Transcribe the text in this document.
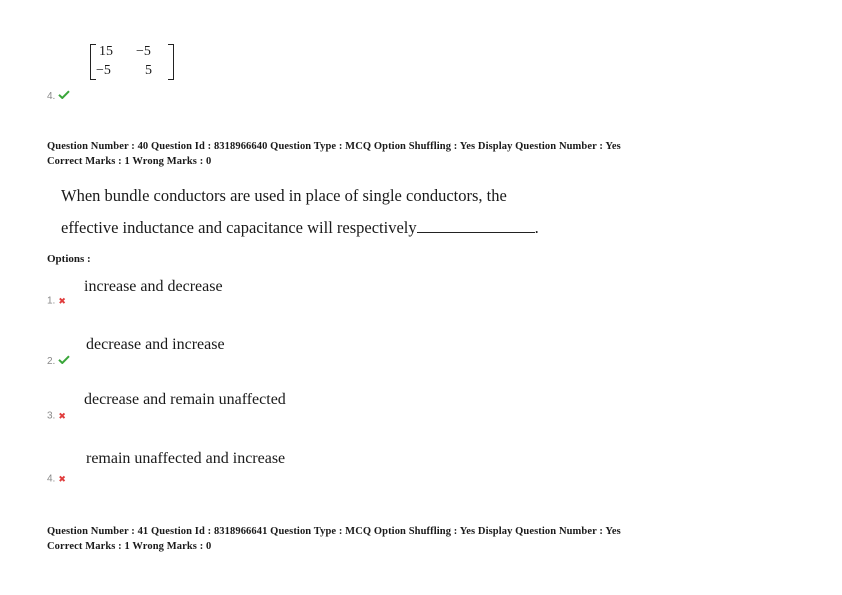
15 −5
−5 5
4.
Question Number : 40 Question Id : 8318966640 Question Type : MCQ Option Shuffling : Yes Display Question Number : Yes
Correct Marks : 1 Wrong Marks : 0
When bundle conductors are used in place of single conductors, the
effective inductance and capacitance will respectively	.
Options :
increase and decrease
1. ✖
decrease and increase
2.
decrease and remain unaffected
3. ✖
remain unaffected and increase
4. ✖
Question Number : 41 Question Id : 8318966641 Question Type : MCQ Option Shuffling : Yes Display Question Number : Yes
Correct Marks : 1 Wrong Marks : 0
